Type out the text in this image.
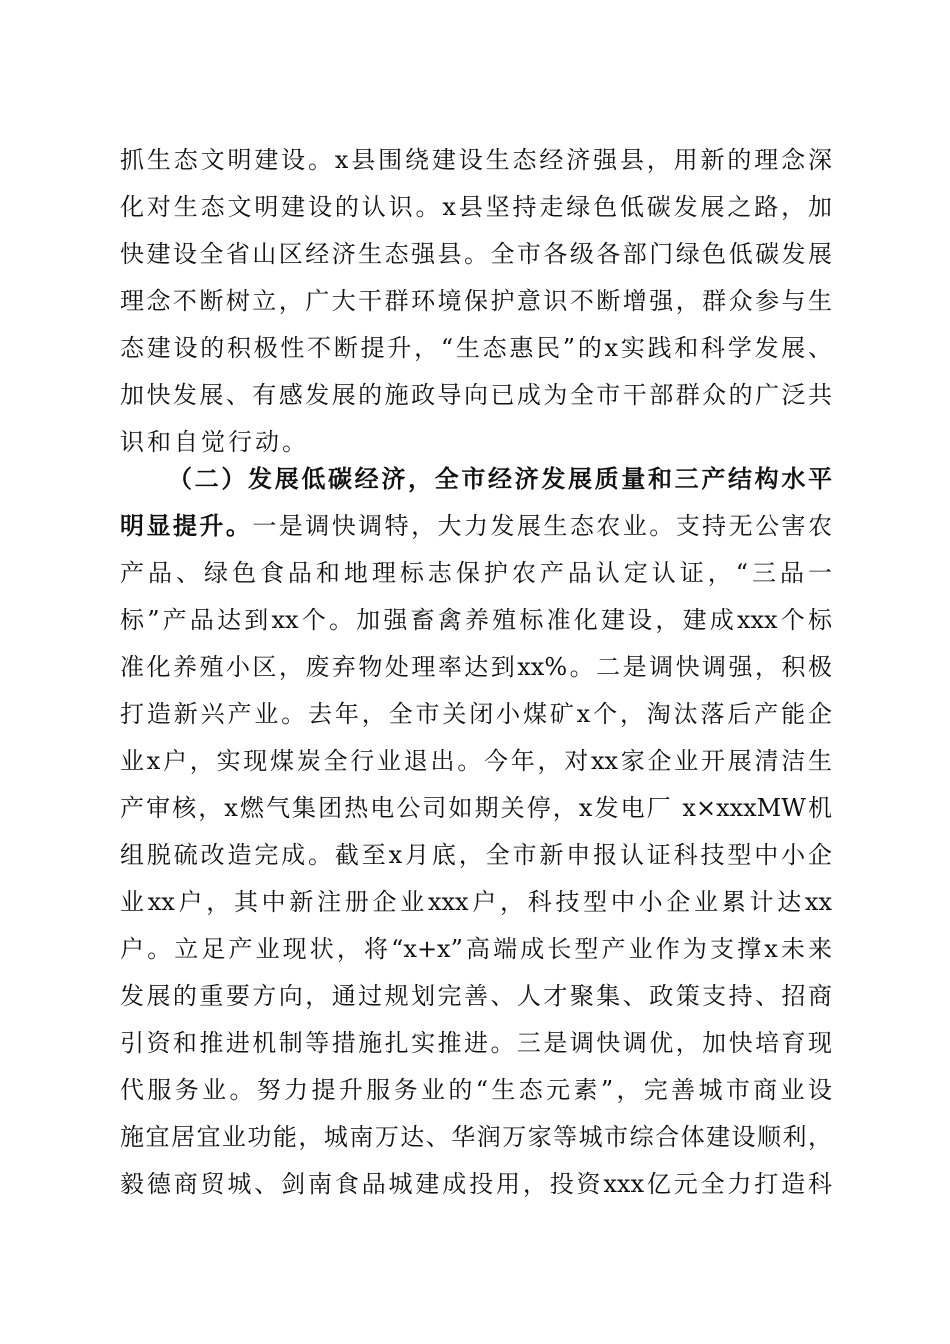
抓生态文明建设。x县围绕建设生态经济强县，用新的理念深
化对生态文明建设的认识。x县坚持走绿色低碳发展之路，加
快建设全省山区经济生态强县。全市各级各部门绿色低碳发展
理念不断树立，广大干群环境保护意识不断增强，群众参与生
态建设的积极性不断提升，“生态惠民”的x实践和科学发展、
加快发展、有感发展的施政导向已成为全市干部群众的广泛共
识和自觉行动。
（二）发展低碳经济，全市经济发展质量和三产结构水平
明显提升。一是调快调特，大力发展生态农业。支持无公害农
产品、绿色食品和地理标志保护农产品认定认证，“三品一
标”产品达到xx个。加强畜禽养殖标准化建设，建成xxx个标
准化养殖小区，废弃物处理率达到xx%。二是调快调强，积极
打造新兴产业。去年，全市关闭小煤矿x个，淘汰落后产能企
业x户，实现煤炭全行业退出。今年，对xx家企业开展清洁生
产审核，x燃气集团热电公司如期关停，x发电厂 x×xxxMW机
组脱硫改造完成。截至x月底，全市新申报认证科技型中小企
业xx户，其中新注册企业xxx户，科技型中小企业累计达xx
户。立足产业现状，将“x+x”高端成长型产业作为支撑x未来
发展的重要方向，通过规划完善、人才聚集、政策支持、招商
引资和推进机制等措施扎实推进。三是调快调优，加快培育现
代服务业。努力提升服务业的“生态元素”，完善城市商业设
施宜居宜业功能，城南万达、华润万家等城市综合体建设顺利，
毅德商贸城、剑南食品城建成投用，投资xxx亿元全力打造科
